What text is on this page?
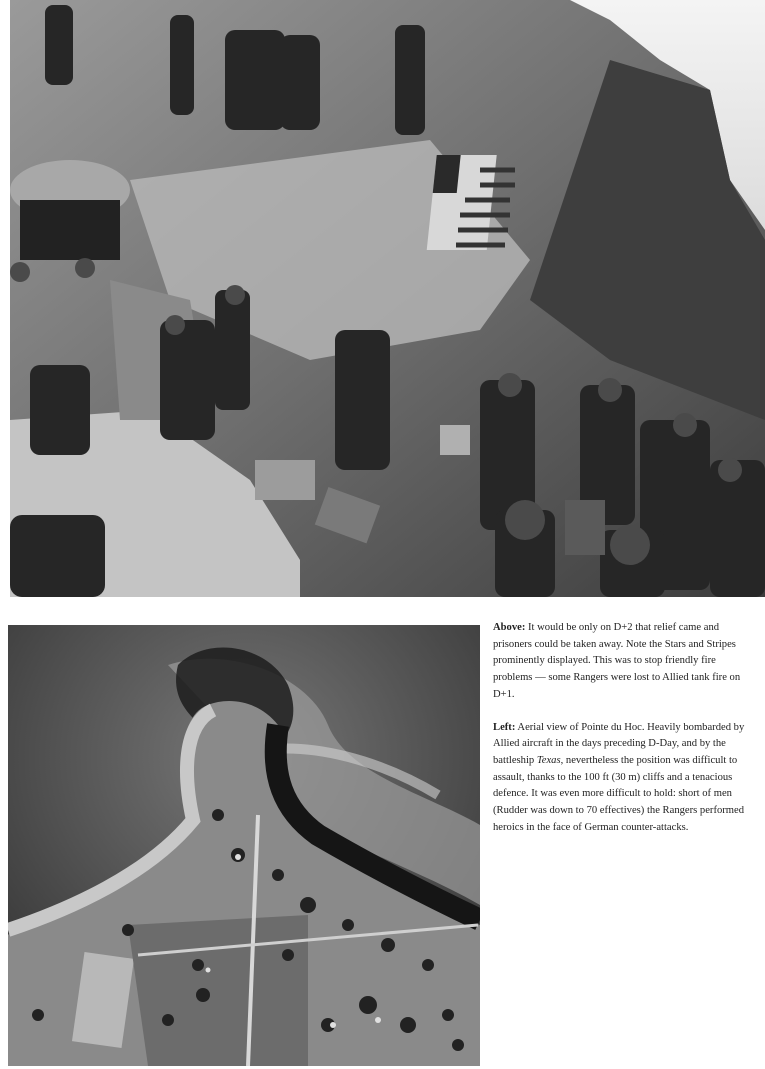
Above: It would be only on D+2 that relief came and prisoners could be taken away. Note the Stars and Stripes prominently displayed. This was to stop friendly fire problems — some Rangers were lost to Allied tank fire on D+1.

Left: Aerial view of Pointe du Hoc. Heavily bombarded by Allied aircraft in the days preceding D-Day, and by the battleship Texas, nevertheless the position was difficult to assault, thanks to the 100 ft (30 m) cliffs and a tenacious defence. It was even more difficult to hold: short of men (Rudder was down to 70 effectives) the Rangers performed heroics in the face of German counter-attacks.
